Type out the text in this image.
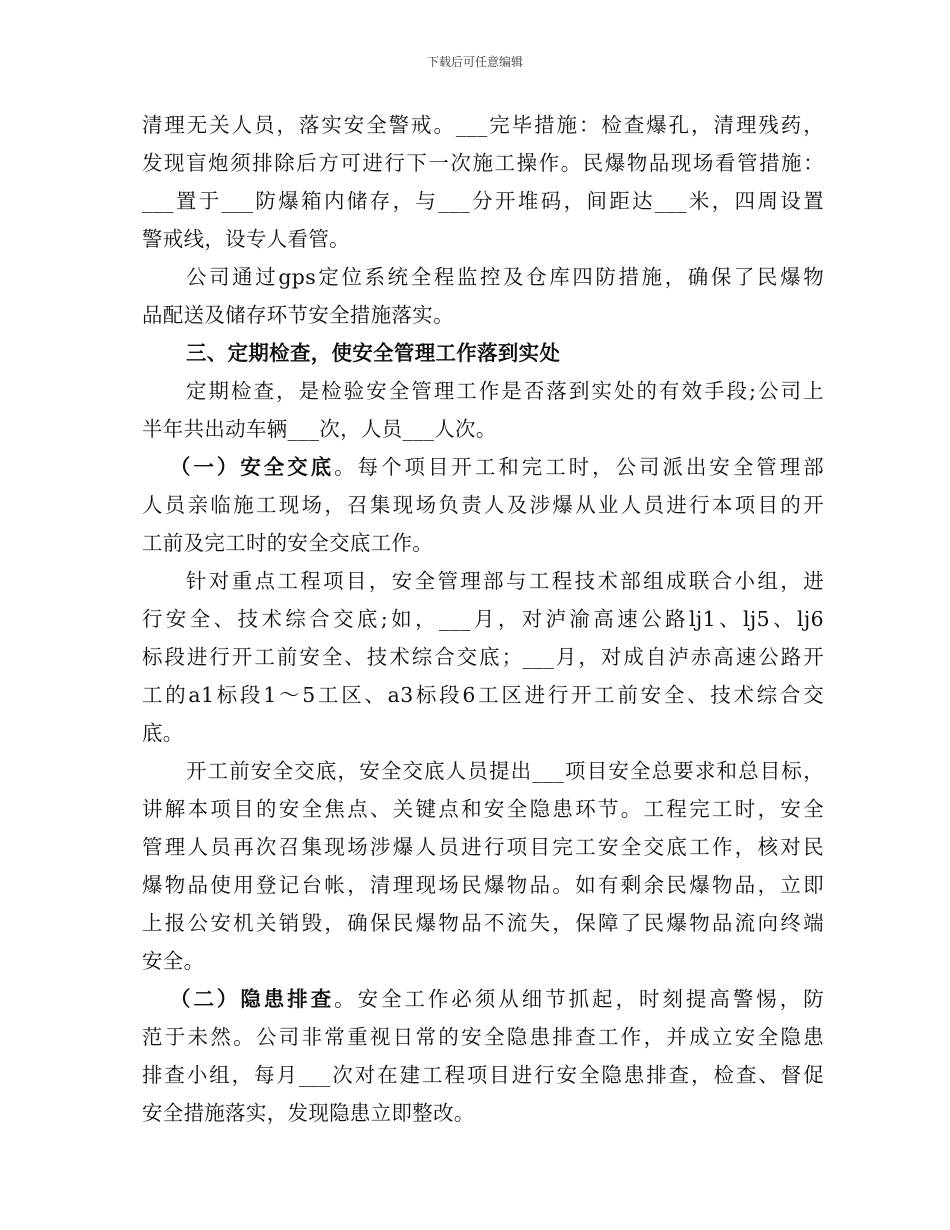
下载后可任意编辑
清理无关人员，落实安全警戒。___完毕措施：检查爆孔，清理残药，
发现盲炮须排除后方可进行下一次施工操作。民爆物品现场看管措施：
___置于___防爆箱内储存，与___分开堆码，间距达___米，四周设置
警戒线，设专人看管。
公司通过gps定位系统全程监控及仓库四防措施，确保了民爆物
品配送及储存环节安全措施落实。
三、定期检查，使安全管理工作落到实处
定期检查，是检验安全管理工作是否落到实处的有效手段;公司上
半年共出动车辆___次，人员___人次。
（一）安全交底。每个项目开工和完工时，公司派出安全管理部
人员亲临施工现场，召集现场负责人及涉爆从业人员进行本项目的开
工前及完工时的安全交底工作。
针对重点工程项目，安全管理部与工程技术部组成联合小组，进
行安全、技术综合交底;如，___月，对泸渝高速公路lj1、lj5、lj6
标段进行开工前安全、技术综合交底；___月，对成自泸赤高速公路开
工的a1标段1～5工区、a3标段6工区进行开工前安全、技术综合交
底。
开工前安全交底，安全交底人员提出___项目安全总要求和总目标，
讲解本项目的安全焦点、关键点和安全隐患环节。工程完工时，安全
管理人员再次召集现场涉爆人员进行项目完工安全交底工作，核对民
爆物品使用登记台帐，清理现场民爆物品。如有剩余民爆物品，立即
上报公安机关销毁，确保民爆物品不流失，保障了民爆物品流向终端
安全。
（二）隐患排查。安全工作必须从细节抓起，时刻提高警惕，防
范于未然。公司非常重视日常的安全隐患排查工作，并成立安全隐患
排查小组，每月___次对在建工程项目进行安全隐患排查，检查、督促
安全措施落实，发现隐患立即整改。
